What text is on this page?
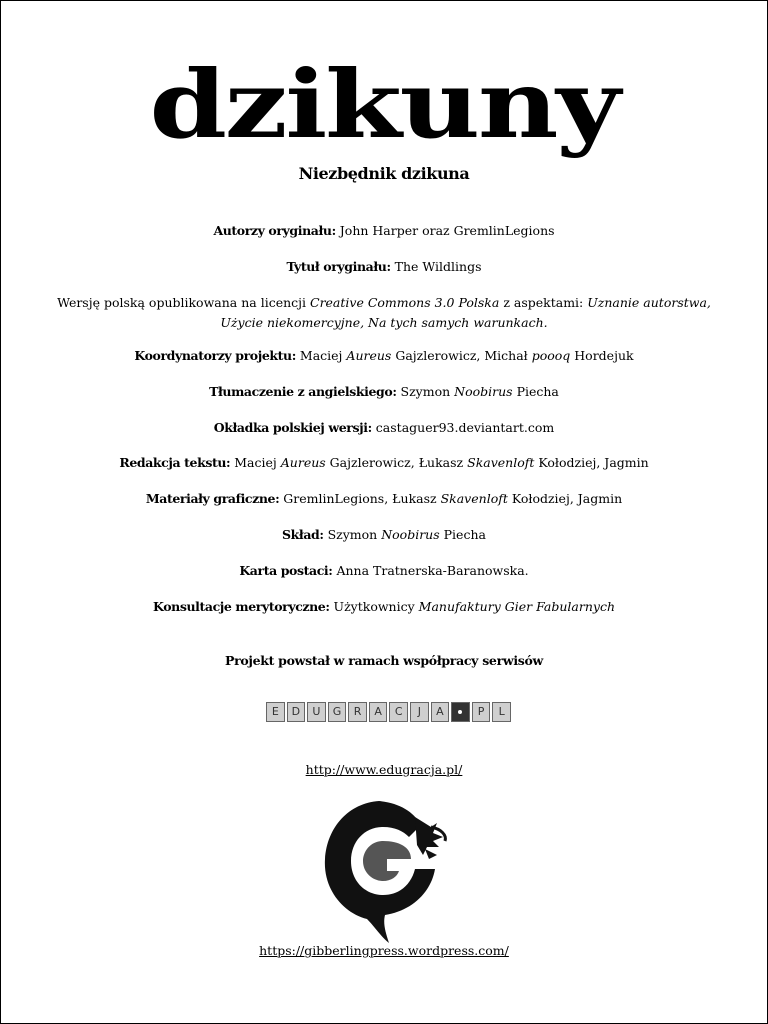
dzikuny
Niezbędnik dzikuna
Autorzy oryginału: John Harper oraz GremlinLegions
Tytuł oryginału: The Wildlings
Wersję polską opublikowana na licencji Creative Commons 3.0 Polska z aspektami: Uznanie autorstwa, Użycie niekomercyjne, Na tych samych warunkach.
Koordynatorzy projektu: Maciej Aureus Gajzlerowicz, Michał poooq Hordejuk
Tłumaczenie z angielskiego: Szymon Noobirus Piecha
Okładka polskiej wersji: castaguer93.deviantart.com
Redakcja tekstu: Maciej Aureus Gajzlerowicz, Łukasz Skavenloft Kołodziej, Jagmin
Materiały graficzne: GremlinLegions, Łukasz Skavenloft Kołodziej, Jagmin
Skład: Szymon Noobirus Piecha
Karta postaci: Anna Tratnerska-Baranowska.
Konsultacje merytoryczne: Użytkownicy Manufaktury Gier Fabularnych
Projekt powstał w ramach współpracy serwisów
E	D	U	G	R	A	C	J	A	P	L
http://www.edugracja.pl/
https://gibberlingpress.wordpress.com/
